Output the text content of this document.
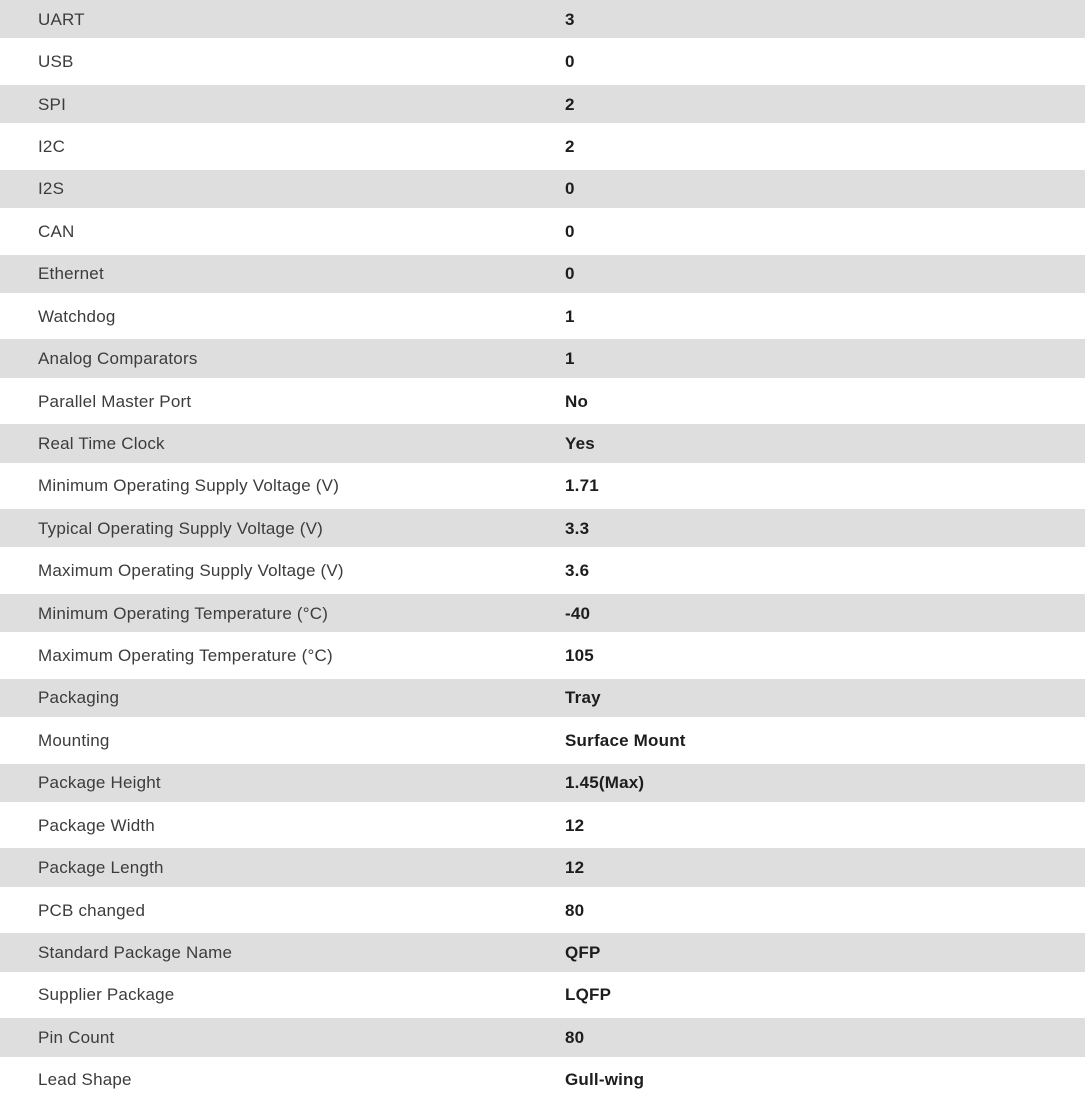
UART	3
USB	0
SPI	2
I2C	2
I2S	0
CAN	0
Ethernet	0
Watchdog	1
Analog Comparators	1
Parallel Master Port	No
Real Time Clock	Yes
Minimum Operating Supply Voltage (V)	1.71
Typical Operating Supply Voltage (V)	3.3
Maximum Operating Supply Voltage (V)	3.6
Minimum Operating Temperature (°C)	-40
Maximum Operating Temperature (°C)	105
Packaging	Tray
Mounting	Surface Mount
Package Height	1.45(Max)
Package Width	12
Package Length	12
PCB changed	80
Standard Package Name	QFP
Supplier Package	LQFP
Pin Count	80
Lead Shape	Gull-wing
